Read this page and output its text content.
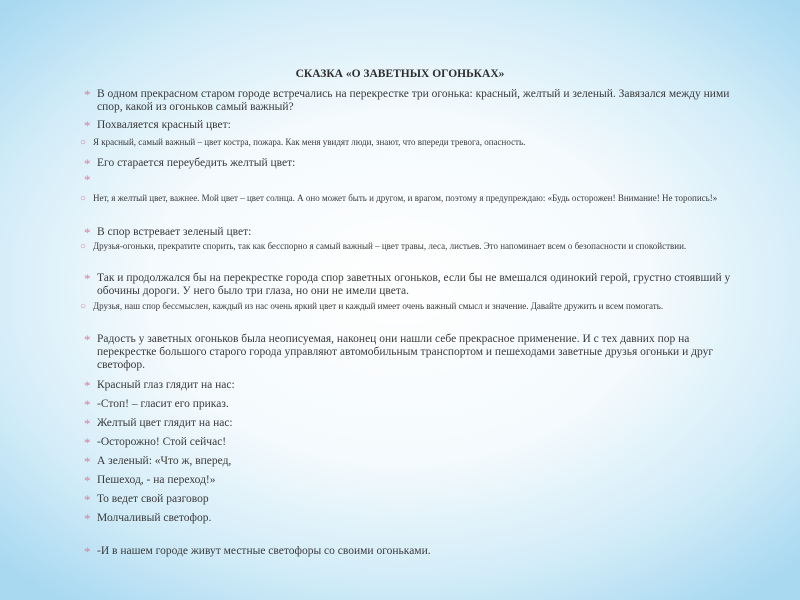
СКАЗКА «О ЗАВЕТНЫХ ОГОНЬКАХ»

* В одном прекрасном старом городе встречались на перекрестке три огонька: красный, желтый и зеленый. Завязался между ними спор, какой из огоньков самый важный?

* Похваляется красный цвет:

○ Я красный, самый важный – цвет костра, пожара. Как меня увидят люди, знают, что впереди тревога, опасность.

* Его старается переубедить желтый цвет:

*

○ Нет, я желтый цвет, важнее. Мой цвет – цвет солнца. А оно может быть и другом, и врагом, поэтому я предупреждаю: «Будь осторожен! Внимание! Не торопись!»

* В спор встревает зеленый цвет:

○ Друзья-огоньки, прекратите спорить, так как бесспорно я самый важный – цвет травы, леса, листьев. Это напоминает всем о безопасности и спокойствии.

* Так и продолжался бы на перекрестке города спор заветных огоньков, если бы не вмешался одинокий герой, грустно стоявший у обочины дороги. У него было три глаза, но они не имели цвета.

○ Друзья, наш спор бессмыслен, каждый из нас очень яркий цвет и каждый имеет очень важный смысл и значение. Давайте дружить и всем помогать.

* Радость у заветных огоньков была неописуемая, наконец они нашли себе прекрасное применение. И с тех давних пор на перекрестке большого старого города управляют автомобильным транспортом и пешеходами заветные друзья огоньки и друг светофор.

* Красный глаз глядит на нас:

* -Стоп! – гласит его приказ.

* Желтый цвет глядит на нас:

* -Осторожно! Стой сейчас!

* А зеленый: «Что ж, вперед,

* Пешеход, - на переход!»

* То ведет свой разговор

* Молчаливый светофор.

* -И в нашем городе живут местные светофоры со своими огоньками.
